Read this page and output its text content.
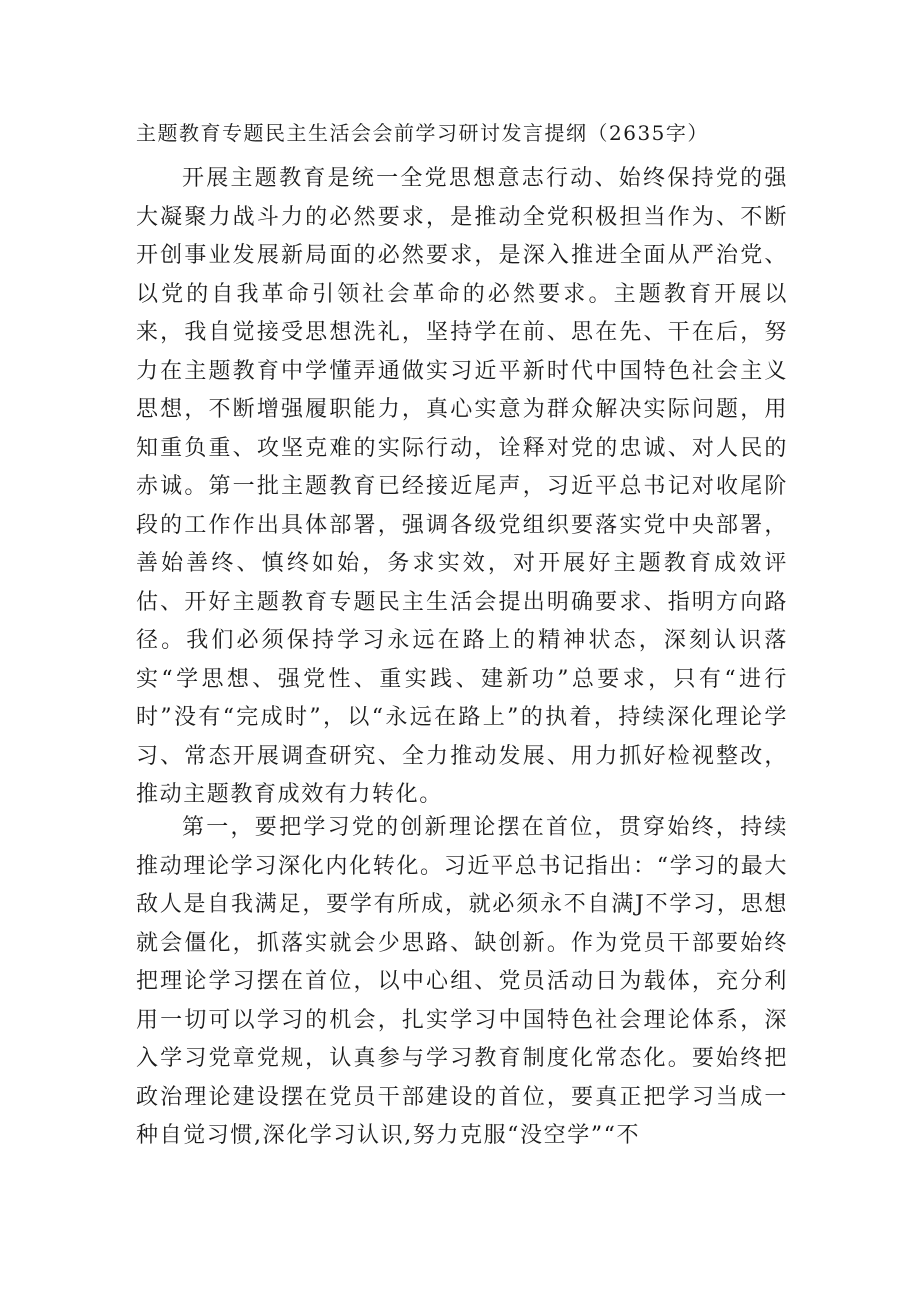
主题教育专题民主生活会会前学习研讨发言提纲（2635字）

开展主题教育是统一全党思想意志行动、始终保持党的强大凝聚力战斗力的必然要求，是推动全党积极担当作为、不断开创事业发展新局面的必然要求，是深入推进全面从严治党、以党的自我革命引领社会革命的必然要求。主题教育开展以来，我自觉接受思想洗礼，坚持学在前、思在先、干在后，努力在主题教育中学懂弄通做实习近平新时代中国特色社会主义思想，不断增强履职能力，真心实意为群众解决实际问题，用知重负重、攻坚克难的实际行动，诠释对党的忠诚、对人民的赤诚。第一批主题教育已经接近尾声，习近平总书记对收尾阶段的工作作出具体部署，强调各级党组织要落实党中央部署，善始善终、慎终如始，务求实效，对开展好主题教育成效评估、开好主题教育专题民主生活会提出明确要求、指明方向路径。我们必须保持学习永远在路上的精神状态，深刻认识落实“学思想、强党性、重实践、建新功”总要求，只有“进行时”没有“完成时”，以“永远在路上”的执着，持续深化理论学习、常态开展调查研究、全力推动发展、用力抓好检视整改，推动主题教育成效有力转化。

第一，要把学习党的创新理论摆在首位，贯穿始终，持续推动理论学习深化内化转化。习近平总书记指出：“学习的最大敌人是自我满足，要学有所成，就必须永不自满J不学习，思想就会僵化，抓落实就会少思路、缺创新。作为党员干部要始终把理论学习摆在首位，以中心组、党员活动日为载体，充分利用一切可以学习的机会，扎实学习中国特色社会理论体系，深入学习党章党规，认真参与学习教育制度化常态化。要始终把政治理论建设摆在党员干部建设的首位，要真正把学习当成一种自觉习惯,深化学习认识,努力克服“没空学”“不
